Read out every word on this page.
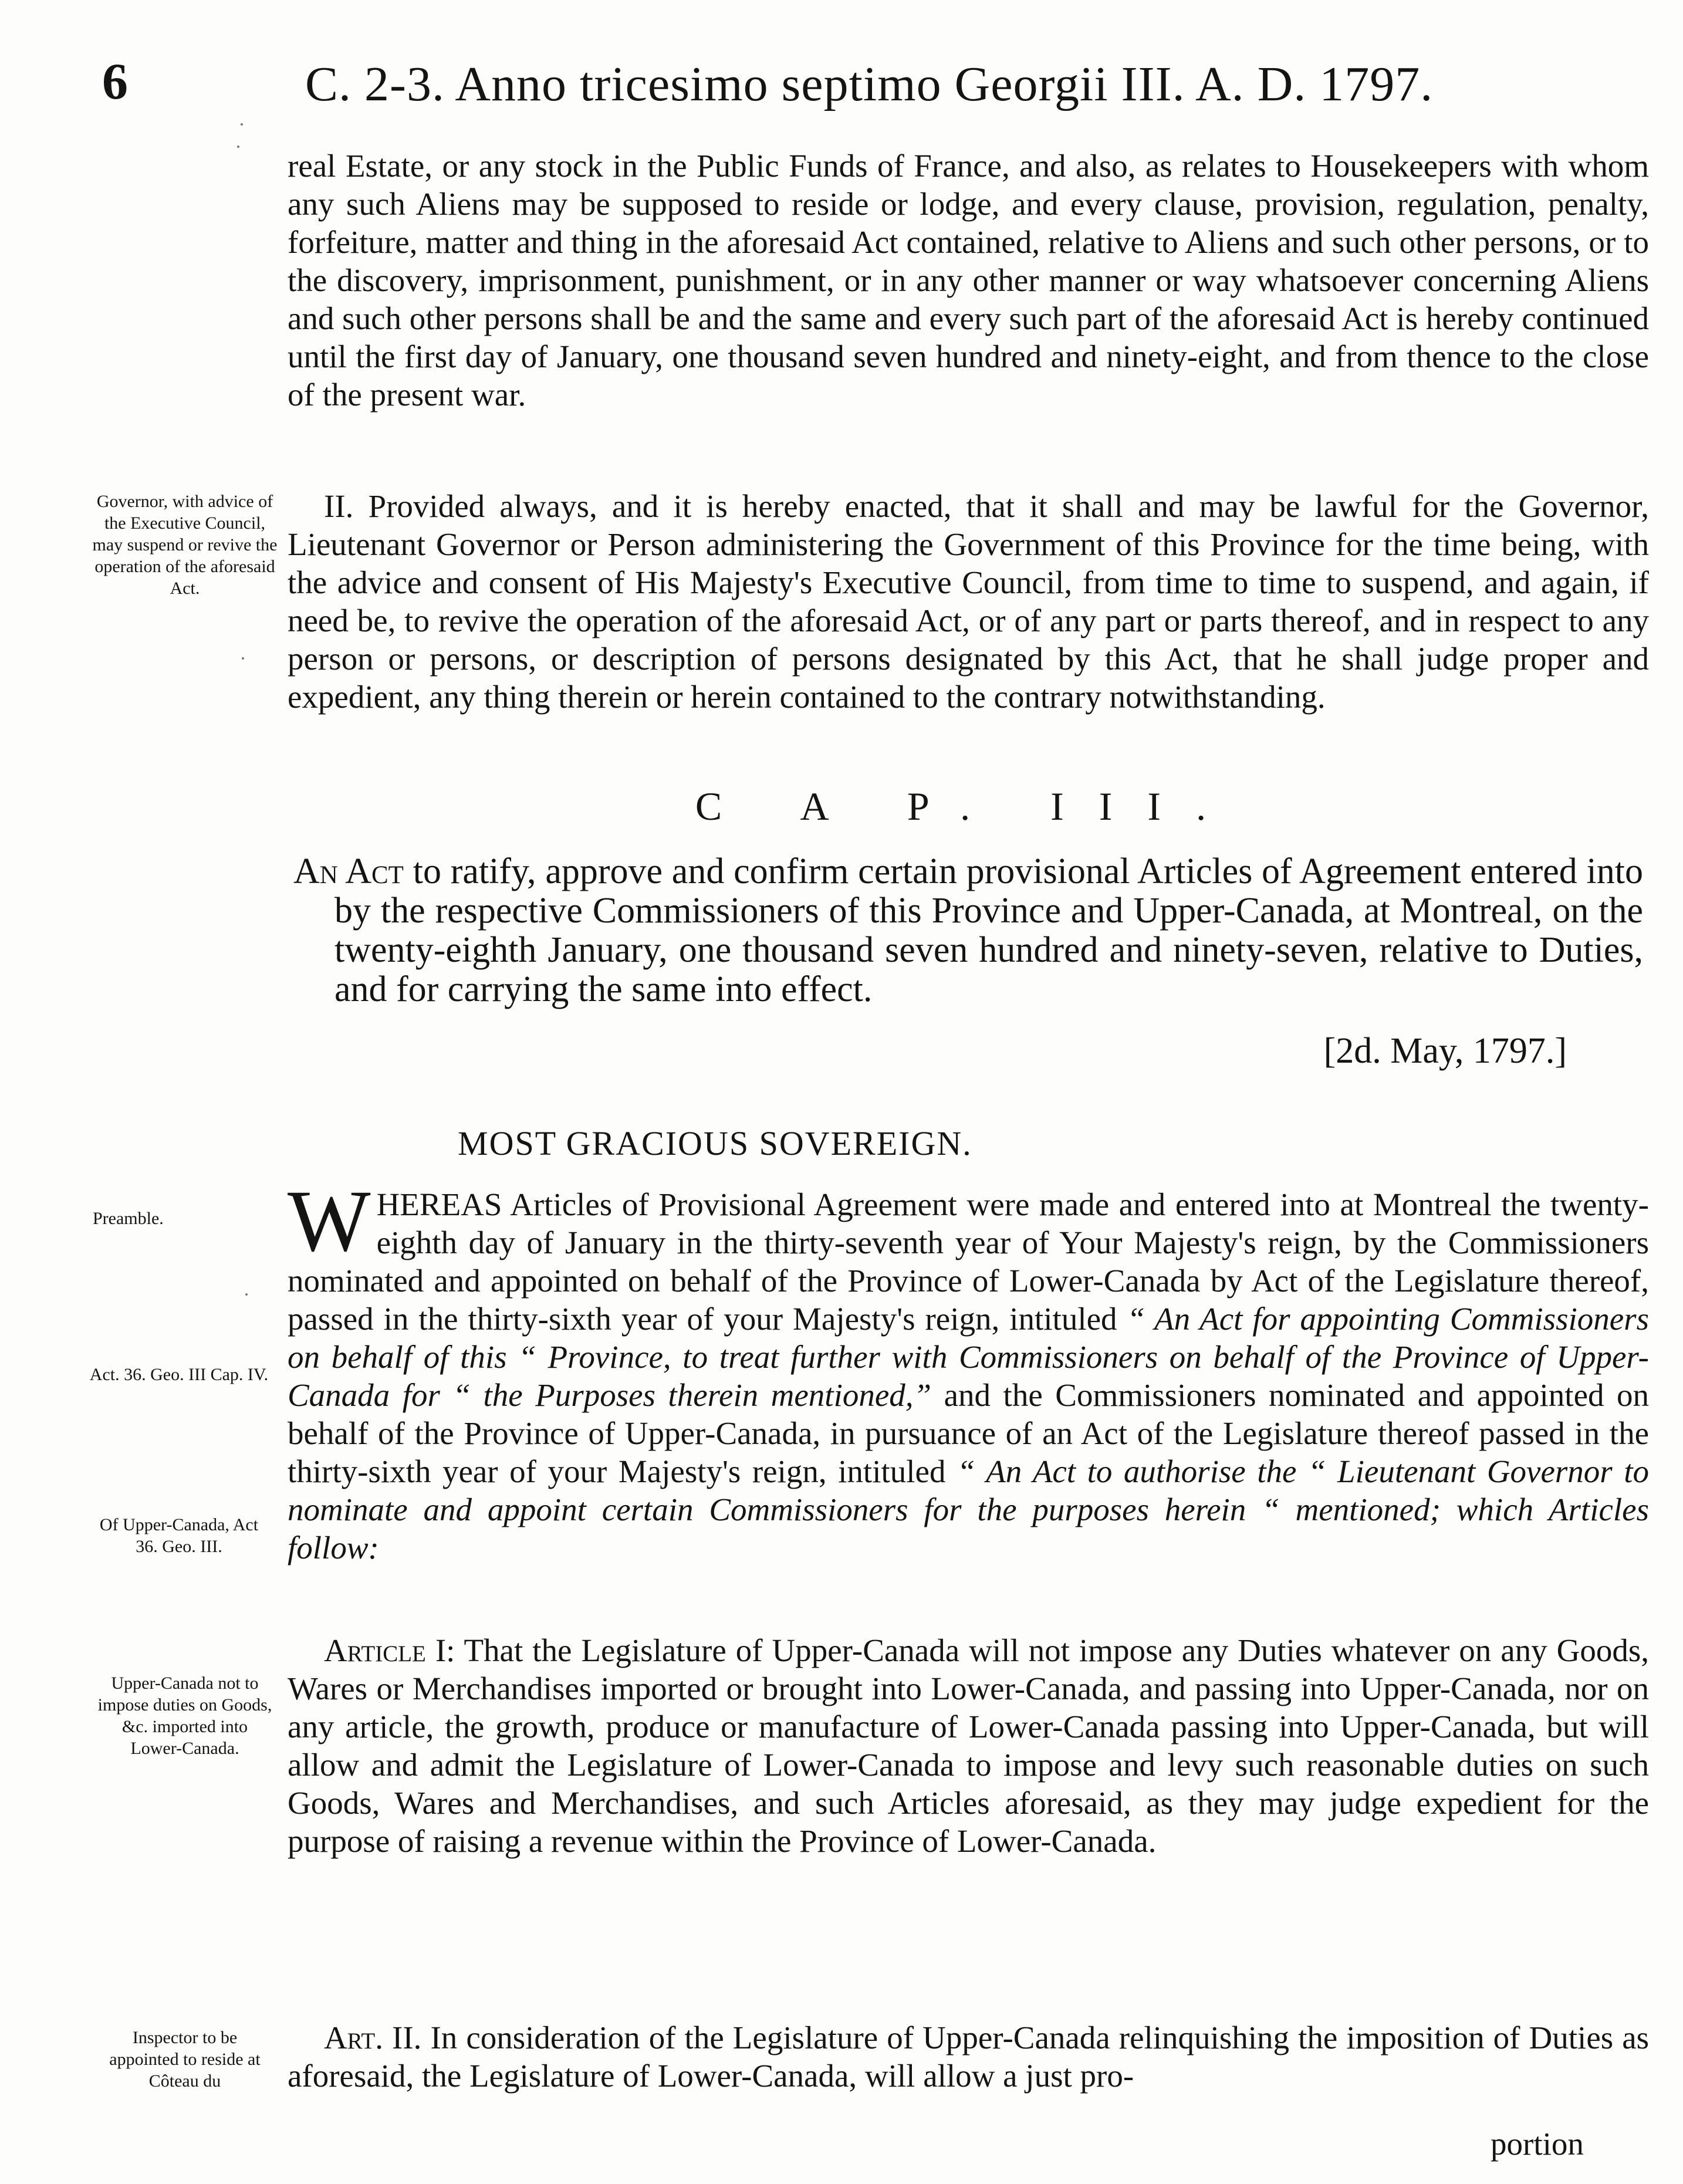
6	C. 2-3. Anno tricesimo septimo Georgii III. A. D. 1797.

real Estate, or any stock in the Public Funds of France, and also, as relates to Housekeepers with whom any such Aliens may be supposed to reside or lodge, and every clause, provision, regulation, penalty, forfeiture, matter and thing in the aforesaid Act contained, relative to Aliens and such other persons, or to the discovery, imprisonment, punishment, or in any other manner or way whatsoever concerning Aliens and such other persons shall be and the same and every such part of the aforesaid Act is hereby continued until the first day of January, one thousand seven hundred and ninety-eight, and from thence to the close of the present war.

Governor, with advice of the Executive Council, may suspend or revive the operation of the aforesaid Act.

II. Provided always, and it is hereby enacted, that it shall and may be lawful for the Governor, Lieutenant Governor or Person administering the Government of this Province for the time being, with the advice and consent of His Majesty's Executive Council, from time to time to suspend, and again, if need be, to revive the operation of the aforesaid Act, or of any part or parts thereof, and in respect to any person or persons, or description of persons designated by this Act, that he shall judge proper and expedient, any thing therein or herein contained to the contrary notwithstanding.

C A P. III.
An Act to ratify, approve and confirm certain provisional Articles of Agreement entered into by the respective Commissioners of this Province and Upper-Canada, at Montreal, on the twenty-eighth January, one thousand seven hundred and ninety-seven, relative to Duties, and for carrying the same into effect.
[2d. May, 1797.]
MOST GRACIOUS SOVEREIGN.
Preamble.
Act. 36. Geo. III Cap. IV.
Of Upper-Canada, Act 36. Geo. III.

WHEREAS Articles of Provisional Agreement were made and entered into at Montreal the twenty-eighth day of January in the thirty-seventh year of Your Majesty's reign, by the Commissioners nominated and appointed on behalf of the Province of Lower-Canada by Act of the Legislature thereof, passed in the thirty-sixth year of your Majesty's reign, intituled “ An Act for appointing Commissioners on behalf of this “ Province, to treat further with Commissioners on behalf of the Province of Upper-Canada for “ the Purposes therein mentioned,” and the Commissioners nominated and appointed on behalf of the Province of Upper-Canada, in pursuance of an Act of the Legislature thereof passed in the thirty-sixth year of your Majesty's reign, intituled “ An Act to authorise the “ Lieutenant Governor to nominate and appoint certain Commissioners for the purposes herein “ mentioned; which Articles follow:

Upper-Canada not to impose duties on Goods, &c. imported into Lower-Canada.

Article I: That the Legislature of Upper-Canada will not impose any Duties whatever on any Goods, Wares or Merchandises imported or brought into Lower-Canada, and passing into Upper-Canada, nor on any article, the growth, produce or manufacture of Lower-Canada passing into Upper-Canada, but will allow and admit the Legislature of Lower-Canada to impose and levy such reasonable duties on such Goods, Wares and Merchandises, and such Articles aforesaid, as they may judge expedient for the purpose of raising a revenue within the Province of Lower-Canada.

Inspector to be appointed to reside at Côteau du

Art. II. In consideration of the Legislature of Upper-Canada relinquishing the imposition of Duties as aforesaid, the Legislature of Lower-Canada, will allow a just pro-

portion
